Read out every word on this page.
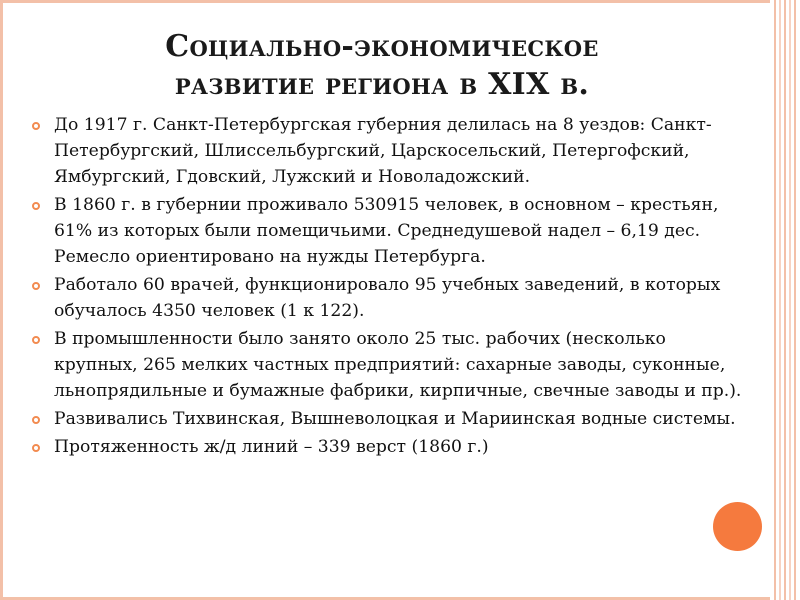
Социально-экономическое
развитие региона в XIX в.
До 1917 г. Санкт-Петербургская губерния делилась на 8 уездов: Санкт-Петербургский, Шлиссельбургский, Царскосельский, Петергофский, Ямбургский, Гдовский, Лужский и Новоладожский.
В 1860 г. в губернии проживало 530915 человек, в основном – крестьян, 61% из которых были помещичьими. Среднедушевой надел – 6,19 дес. Ремесло ориентировано на нужды Петербурга.
Работало 60 врачей, функционировало 95 учебных заведений, в которых обучалось 4350 человек (1 к 122).
В промышленности было занято около 25 тыс. рабочих (несколько крупных, 265 мелких частных предприятий: сахарные заводы, суконные, льнопрядильные и бумажные фабрики, кирпичные, свечные заводы и пр.).
Развивались Тихвинская, Вышневолоцкая и Мариинская водные системы.
Протяженность ж/д линий – 339 верст (1860 г.)
